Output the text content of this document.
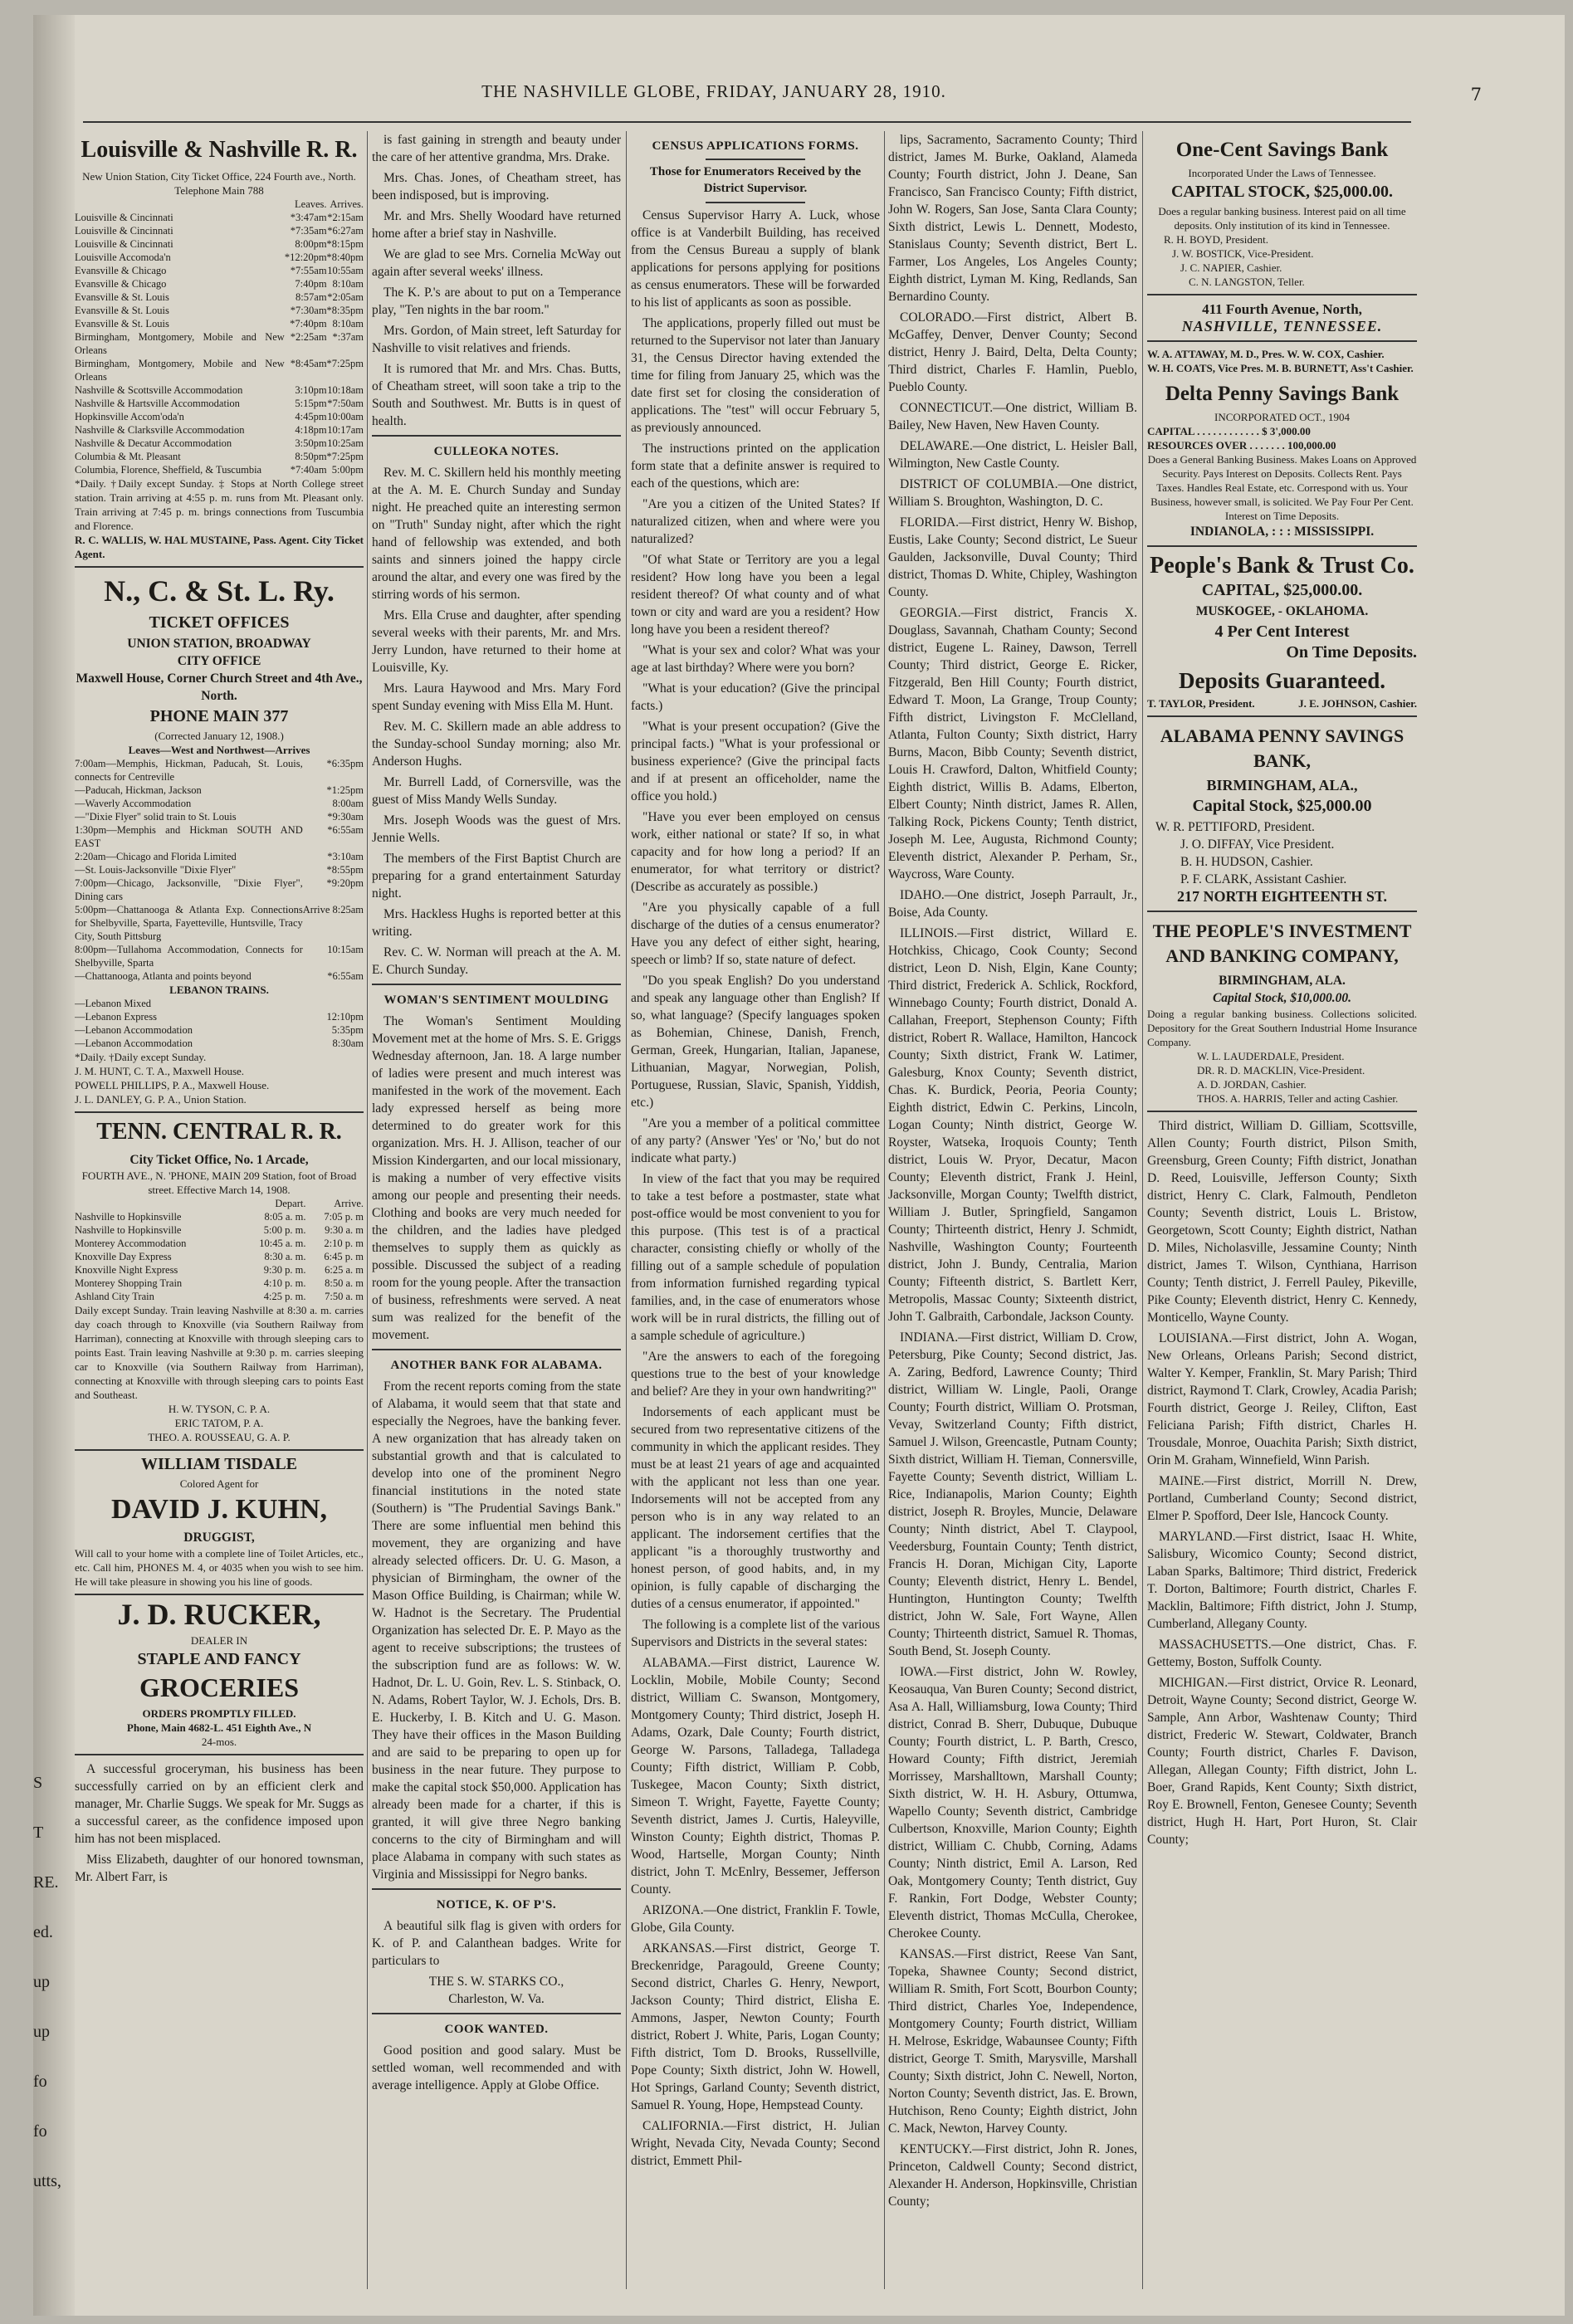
S
T
RE.
ed.
up
up
fo
fo
utts,
THE NASHVILLE GLOBE, FRIDAY, JANUARY 28, 1910.	7
Louisville & Nashville R. R.
New Union Station, City Ticket Office, 224 Fourth ave., North. Telephone Main 788
	Leaves.	Arrives.
Louisville & Cincinnati	*3:47am	*2:15am
Louisville & Cincinnati	*7:35am	*6:27am
Louisville & Cincinnati	8:00pm	*8:15pm
Louisville Accomoda'n	*12:20pm	*8:40pm
Evansville & Chicago	*7:55am	10:55am
Evansville & Chicago	7:40pm	8:10am
Evansville & St. Louis	8:57am	*2:05am
Evansville & St. Louis	*7:30am	*8:35pm
Evansville & St. Louis	*7:40pm	8:10am
Birmingham, Montgomery, Mobile and New Orleans	*2:25am	*:37am
Birmingham, Montgomery, Mobile and New Orleans	*8:45am	*7:25pm
Nashville & Scottsville Accommodation	3:10pm	10:18am
Nashville & Hartsville Accommodation	5:15pm	*7:50am
Hopkinsville Accom'oda'n	4:45pm	10:00am
Nashville & Clarksville Accommodation	4:18pm	10:17am
Nashville & Decatur Accommodation	3:50pm	10:25am
Columbia & Mt. Pleasant	8:50pm	*7:25pm
Columbia, Florence, Sheffield, & Tuscumbia	*7:40am	5:00pm
*Daily. †Daily except Sunday. ‡ Stops at North College street station. Train arriving at 4:55 p. m. runs from Mt. Pleasant only. Train arriving at 7:45 p. m. brings connections from Tuscumbia and Florence.
R. C. WALLIS, W. HAL MUSTAINE, Pass. Agent. City Ticket Agent.
N., C. & St. L. Ry.
TICKET OFFICES
UNION STATION, BROADWAY
CITY OFFICE
Maxwell House, Corner Church Street and 4th Ave., North.
PHONE MAIN 377
(Corrected January 12, 1908.)
Leaves—West and Northwest—Arrives
7:00am—Memphis, Hickman, Paducah, St. Louis, connects for Centreville	*6:35pm
—Paducah, Hickman, Jackson	*1:25pm
—Waverly Accommodation	8:00am
—"Dixie Flyer" solid train to St. Louis	*9:30am
1:30pm—Memphis and Hickman SOUTH AND EAST	*6:55am
2:20am—Chicago and Florida Limited	*3:10am
—St. Louis-Jacksonville "Dixie Flyer"	*8:55pm
7:00pm—Chicago, Jacksonville, "Dixie Flyer", Dining cars	*9:20pm
5:00pm—Chattanooga & Atlanta Exp. Connections for Shelbyville, Sparta, Fayetteville, Huntsville, Tracy City, South Pittsburg	Arrive 8:25am
8:00pm—Tullahoma Accommodation, Connects for Shelbyville, Sparta	10:15am
—Chattanooga, Atlanta and points beyond	*6:55am
LEBANON TRAINS.
—Lebanon Mixed	
—Lebanon Express	12:10pm
—Lebanon Accommodation	5:35pm
—Lebanon Accommodation	8:30am
*Daily. †Daily except Sunday.
J. M. HUNT, C. T. A., Maxwell House.
POWELL PHILLIPS, P. A., Maxwell House.
J. L. DANLEY, G. P. A., Union Station.
TENN. CENTRAL R. R.
City Ticket Office, No. 1 Arcade,
FOURTH AVE., N. 'PHONE, MAIN 209 Station, foot of Broad street. Effective March 14, 1908.
	Depart.	Arrive.
Nashville to Hopkinsville	8:05 a. m.	7:05 p. m
Nashville to Hopkinsville	5:00 p. m.	9:30 a. m
Monterey Accommodation	10:45 a. m.	2:10 p. m
Knoxville Day Express	8:30 a. m.	6:45 p. m
Knoxville Night Express	9:30 p. m.	6:25 a. m
Monterey Shopping Train	4:10 p. m.	8:50 a. m
Ashland City Train	4:25 p. m.	7:50 a. m
Daily except Sunday. Train leaving Nashville at 8:30 a. m. carries day coach through to Knoxville (via Southern Railway from Harriman), connecting at Knoxville with through sleeping cars to points East. Train leaving Nashville at 9:30 p. m. carries sleeping car to Knoxville (via Southern Railway from Harriman), connecting at Knoxville with through sleeping cars to points East and Southeast.
H. W. TYSON, C. P. A.
ERIC TATOM, P. A.
THEO. A. ROUSSEAU, G. A. P.
WILLIAM TISDALE
Colored Agent for
DAVID J. KUHN,
DRUGGIST,
Will call to your home with a complete line of Toilet Articles, etc., etc. Call him, PHONES M. 4, or 4035 when you wish to see him. He will take pleasure in showing you his line of goods.
J. D. RUCKER,
DEALER IN
STAPLE AND FANCY
GROCERIES
ORDERS PROMPTLY FILLED.
Phone, Main 4682-L. 451 Eighth Ave., N
24-mos.

A successful groceryman, his business has been successfully carried on by an efficient clerk and manager, Mr. Charlie Suggs. We speak for Mr. Suggs as a successful career, as the confidence imposed upon him has not been misplaced.

Miss Elizabeth, daughter of our honored townsman, Mr. Albert Farr, is

is fast gaining in strength and beauty under the care of her attentive grandma, Mrs. Drake.

Mrs. Chas. Jones, of Cheatham street, has been indisposed, but is improving.

Mr. and Mrs. Shelly Woodard have returned home after a brief stay in Nashville.

We are glad to see Mrs. Cornelia McWay out again after several weeks' illness.

The K. P.'s are about to put on a Temperance play, "Ten nights in the bar room."

Mrs. Gordon, of Main street, left Saturday for Nashville to visit relatives and friends.

It is rumored that Mr. and Mrs. Chas. Butts, of Cheatham street, will soon take a trip to the South and Southwest. Mr. Butts is in quest of health.

CULLEOKA NOTES.

Rev. M. C. Skillern held his monthly meeting at the A. M. E. Church Sunday and Sunday night. He preached quite an interesting sermon on "Truth" Sunday night, after which the right hand of fellowship was extended, and both saints and sinners joined the happy circle around the altar, and every one was fired by the stirring words of his sermon.

Mrs. Ella Cruse and daughter, after spending several weeks with their parents, Mr. and Mrs. Jerry Lundon, have returned to their home at Louisville, Ky.

Mrs. Laura Haywood and Mrs. Mary Ford spent Sunday evening with Miss Ella M. Hunt.

Rev. M. C. Skillern made an able address to the Sunday-school Sunday morning; also Mr. Anderson Hughs.

Mr. Burrell Ladd, of Cornersville, was the guest of Miss Mandy Wells Sunday.

Mrs. Joseph Woods was the guest of Mrs. Jennie Wells.

The members of the First Baptist Church are preparing for a grand entertainment Saturday night.

Mrs. Hackless Hughs is reported better at this writing.

Rev. C. W. Norman will preach at the A. M. E. Church Sunday.

WOMAN'S SENTIMENT MOULDING

The Woman's Sentiment Moulding Movement met at the home of Mrs. S. E. Griggs Wednesday afternoon, Jan. 18. A large number of ladies were present and much interest was manifested in the work of the movement. Each lady expressed herself as being more determined to do greater work for this organization. Mrs. H. J. Allison, teacher of our Mission Kindergarten, and our local missionary, is making a number of very effective visits among our people and presenting their needs. Clothing and books are very much needed for the children, and the ladies have pledged themselves to supply them as quickly as possible. Discussed the subject of a reading room for the young people. After the transaction of business, refreshments were served. A neat sum was realized for the benefit of the movement.

ANOTHER BANK FOR ALABAMA.

From the recent reports coming from the state of Alabama, it would seem that that state and especially the Negroes, have the banking fever. A new organization that has already taken on substantial growth and that is calculated to develop into one of the prominent Negro financial institutions in the noted state (Southern) is "The Prudential Savings Bank." There are some influential men behind this movement, they are organizing and have already selected officers. Dr. U. G. Mason, a physician of Birmingham, the owner of the Mason Office Building, is Chairman; while W. W. Hadnot is the Secretary. The Prudential Organization has selected Dr. E. P. Mayo as the agent to receive subscriptions; the trustees of the subscription fund are as follows: W. W. Hadnot, Dr. L. U. Goin, Rev. L. S. Stinback, O. N. Adams, Robert Taylor, W. J. Echols, Drs. B. E. Huckerby, I. B. Kitch and U. G. Mason. They have their offices in the Mason Building and are said to be preparing to open up for business in the near future. They purpose to make the capital stock $50,000. Application has already been made for a charter, if this is granted, it will give three Negro banking concerns to the city of Birmingham and will place Alabama in company with such states as Virginia and Mississippi for Negro banks.

NOTICE, K. OF P'S.

A beautiful silk flag is given with orders for K. of P. and Calanthean badges. Write for particulars to

THE S. W. STARKS CO.,
Charleston, W. Va.
COOK WANTED.

Good position and good salary. Must be settled woman, well recommended and with average intelligence. Apply at Globe Office.

CENSUS APPLICATIONS FORMS.
Those for Enumerators Received by the District Supervisor.

Census Supervisor Harry A. Luck, whose office is at Vanderbilt Building, has received from the Census Bureau a supply of blank applications for persons applying for positions as census enumerators. These will be forwarded to his list of applicants as soon as possible.

The applications, properly filled out must be returned to the Supervisor not later than January 31, the Census Director having extended the time for filing from January 25, which was the date first set for closing the consideration of applications. The "test" will occur February 5, as previously announced.

The instructions printed on the application form state that a definite answer is required to each of the questions, which are:

"Are you a citizen of the United States? If naturalized citizen, when and where were you naturalized?

"Of what State or Territory are you a legal resident? How long have you been a legal resident thereof? Of what county and of what town or city and ward are you a resident? How long have you been a resident thereof?

"What is your sex and color? What was your age at last birthday? Where were you born?

"What is your education? (Give the principal facts.)

"What is your present occupation? (Give the principal facts.) "What is your professional or business experience? (Give the principal facts and if at present an officeholder, name the office you hold.)

"Have you ever been employed on census work, either national or state? If so, in what capacity and for how long a period? If an enumerator, for what territory or district? (Describe as accurately as possible.)

"Are you physically capable of a full discharge of the duties of a census enumerator? Have you any defect of either sight, hearing, speech or limb? If so, state nature of defect.

"Do you speak English? Do you understand and speak any language other than English? If so, what language? (Specify languages spoken as Bohemian, Chinese, Danish, French, German, Greek, Hungarian, Italian, Japanese, Lithuanian, Magyar, Norwegian, Polish, Portuguese, Russian, Slavic, Spanish, Yiddish, etc.)

"Are you a member of a political committee of any party? (Answer 'Yes' or 'No,' but do not indicate what party.)

In view of the fact that you may be required to take a test before a postmaster, state what post-office would be most convenient to you for this purpose. (This test is of a practical character, consisting chiefly or wholly of the filling out of a sample schedule of population from information furnished regarding typical families, and, in the case of enumerators whose work will be in rural districts, the filling out of a sample schedule of agriculture.)

"Are the answers to each of the foregoing questions true to the best of your knowledge and belief? Are they in your own handwriting?"

Indorsements of each applicant must be secured from two representative citizens of the community in which the applicant resides. They must be at least 21 years of age and acquainted with the applicant not less than one year. Indorsements will not be accepted from any person who is in any way related to an applicant. The indorsement certifies that the applicant "is a thoroughly trustworthy and honest person, of good habits, and, in my opinion, is fully capable of discharging the duties of a census enumerator, if appointed."

The following is a complete list of the various Supervisors and Districts in the several states:

ALABAMA.—First district, Laurence W. Locklin, Mobile, Mobile County; Second district, William C. Swanson, Montgomery, Montgomery County; Third district, Joseph H. Adams, Ozark, Dale County; Fourth district, George W. Parsons, Talladega, Talladega County; Fifth district, William P. Cobb, Tuskegee, Macon County; Sixth district, Simeon T. Wright, Fayette, Fayette County; Seventh district, James J. Curtis, Haleyville, Winston County; Eighth district, Thomas P. Wood, Hartselle, Morgan County; Ninth district, John T. McEnlry, Bessemer, Jefferson County.

ARIZONA.—One district, Franklin F. Towle, Globe, Gila County.

ARKANSAS.—First district, George T. Breckenridge, Paragould, Greene County; Second district, Charles G. Henry, Newport, Jackson County; Third district, Elisha E. Ammons, Jasper, Newton County; Fourth district, Robert J. White, Paris, Logan County; Fifth district, Tom D. Brooks, Russellville, Pope County; Sixth district, John W. Howell, Hot Springs, Garland County; Seventh district, Samuel R. Young, Hope, Hempstead County.

CALIFORNIA.—First district, H. Julian Wright, Nevada City, Nevada County; Second district, Emmett Phil-

lips, Sacramento, Sacramento County; Third district, James M. Burke, Oakland, Alameda County; Fourth district, John J. Deane, San Francisco, San Francisco County; Fifth district, John W. Rogers, San Jose, Santa Clara County; Sixth district, Lewis L. Dennett, Modesto, Stanislaus County; Seventh district, Bert L. Farmer, Los Angeles, Los Angeles County; Eighth district, Lyman M. King, Redlands, San Bernardino County.

COLORADO.—First district, Albert B. McGaffey, Denver, Denver County; Second district, Henry J. Baird, Delta, Delta County; Third district, Charles F. Hamlin, Pueblo, Pueblo County.

CONNECTICUT.—One district, William B. Bailey, New Haven, New Haven County.

DELAWARE.—One district, L. Heisler Ball, Wilmington, New Castle County.

DISTRICT OF COLUMBIA.—One district, William S. Broughton, Washington, D. C.

FLORIDA.—First district, Henry W. Bishop, Eustis, Lake County; Second district, Le Sueur Gaulden, Jacksonville, Duval County; Third district, Thomas D. White, Chipley, Washington County.

GEORGIA.—First district, Francis X. Douglass, Savannah, Chatham County; Second district, Eugene L. Rainey, Dawson, Terrell County; Third district, George E. Ricker, Fitzgerald, Ben Hill County; Fourth district, Edward T. Moon, La Grange, Troup County; Fifth district, Livingston F. McClelland, Atlanta, Fulton County; Sixth district, Harry Burns, Macon, Bibb County; Seventh district, Louis H. Crawford, Dalton, Whitfield County; Eighth district, Willis B. Adams, Elberton, Elbert County; Ninth district, James R. Allen, Talking Rock, Pickens County; Tenth district, Joseph M. Lee, Augusta, Richmond County; Eleventh district, Alexander P. Perham, Sr., Waycross, Ware County.

IDAHO.—One district, Joseph Parrault, Jr., Boise, Ada County.

ILLINOIS.—First district, Willard E. Hotchkiss, Chicago, Cook County; Second district, Leon D. Nish, Elgin, Kane County; Third district, Frederick A. Schlick, Rockford, Winnebago County; Fourth district, Donald A. Callahan, Freeport, Stephenson County; Fifth district, Robert R. Wallace, Hamilton, Hancock County; Sixth district, Frank W. Latimer, Galesburg, Knox County; Seventh district, Chas. K. Burdick, Peoria, Peoria County; Eighth district, Edwin C. Perkins, Lincoln, Logan County; Ninth district, George W. Royster, Watseka, Iroquois County; Tenth district, Louis W. Pryor, Decatur, Macon County; Eleventh district, Frank J. Heinl, Jacksonville, Morgan County; Twelfth district, William J. Butler, Springfield, Sangamon County; Thirteenth district, Henry J. Schmidt, Nashville, Washington County; Fourteenth district, John J. Bundy, Centralia, Marion County; Fifteenth district, S. Bartlett Kerr, Metropolis, Massac County; Sixteenth district, John T. Galbraith, Carbondale, Jackson County.

INDIANA.—First district, William D. Crow, Petersburg, Pike County; Second district, Jas. A. Zaring, Bedford, Lawrence County; Third district, William W. Lingle, Paoli, Orange County; Fourth district, William O. Protsman, Vevay, Switzerland County; Fifth district, Samuel J. Wilson, Greencastle, Putnam County; Sixth district, William H. Tieman, Connersville, Fayette County; Seventh district, William L. Rice, Indianapolis, Marion County; Eighth district, Joseph R. Broyles, Muncie, Delaware County; Ninth district, Abel T. Claypool, Veedersburg, Fountain County; Tenth district, Francis H. Doran, Michigan City, Laporte County; Eleventh district, Henry L. Bendel, Huntington, Huntington County; Twelfth district, John W. Sale, Fort Wayne, Allen County; Thirteenth district, Samuel R. Thomas, South Bend, St. Joseph County.

IOWA.—First district, John W. Rowley, Keosauqua, Van Buren County; Second district, Asa A. Hall, Williamsburg, Iowa County; Third district, Conrad B. Sherr, Dubuque, Dubuque County; Fourth district, L. P. Barth, Cresco, Howard County; Fifth district, Jeremiah Morrissey, Marshalltown, Marshall County; Sixth district, W. H. H. Asbury, Ottumwa, Wapello County; Seventh district, Cambridge Culbertson, Knoxville, Marion County; Eighth district, William C. Chubb, Corning, Adams County; Ninth district, Emil A. Larson, Red Oak, Montgomery County; Tenth district, Guy F. Rankin, Fort Dodge, Webster County; Eleventh district, Thomas McCulla, Cherokee, Cherokee County.

KANSAS.—First district, Reese Van Sant, Topeka, Shawnee County; Second district, William R. Smith, Fort Scott, Bourbon County; Third district, Charles Yoe, Independence, Montgomery County; Fourth district, William H. Melrose, Eskridge, Wabaunsee County; Fifth district, George T. Smith, Marysville, Marshall County; Sixth district, John C. Newell, Norton, Norton County; Seventh district, Jas. E. Brown, Hutchison, Reno County; Eighth district, John C. Mack, Newton, Harvey County.

KENTUCKY.—First district, John R. Jones, Princeton, Caldwell County; Second district, Alexander H. Anderson, Hopkinsville, Christian County;

One-Cent Savings Bank
Incorporated Under the Laws of Tennessee.
CAPITAL STOCK, $25,000.00.
Does a regular banking business. Interest paid on all time deposits. Only institution of its kind in Tennessee.
R. H. BOYD, President.
J. W. BOSTICK, Vice-President.
J. C. NAPIER, Cashier.
C. N. LANGSTON, Teller.
411 Fourth Avenue, North,
NASHVILLE, TENNESSEE.
W. A. ATTAWAY, M. D., Pres. W. W. COX, Cashier.
W. H. COATS, Vice Pres. M. B. BURNETT, Ass't Cashier.
Delta Penny Savings Bank
INCORPORATED OCT., 1904
CAPITAL . . . . . . . . . . . . $ 3',000.00
RESOURCES OVER . . . . . . . 100,000.00
Does a General Banking Business. Makes Loans on Approved Security. Pays Interest on Deposits. Collects Rent. Pays Taxes. Handles Real Estate, etc. Correspond with us. Your Business, however small, is solicited. We Pay Four Per Cent. Interest on Time Deposits.
INDIANOLA, : : : MISSISSIPPI.
People's Bank & Trust Co.
CAPITAL, $25,000.00.
MUSKOGEE, - OKLAHOMA.
4 Per Cent Interest
On Time Deposits.
Deposits Guaranteed.
T. TAYLOR, President.	J. E. JOHNSON, Cashier.
ALABAMA PENNY SAVINGS BANK,
BIRMINGHAM, ALA.,
Capital Stock, $25,000.00
W. R. PETTIFORD, President.
J. O. DIFFAY, Vice President.
B. H. HUDSON, Cashier.
P. F. CLARK, Assistant Cashier.
217 NORTH EIGHTEENTH ST.
THE PEOPLE'S INVESTMENT AND BANKING COMPANY,
BIRMINGHAM, ALA.
Capital Stock, $10,000.00.
Doing a regular banking business. Collections solicited. Depository for the Great Southern Industrial Home Insurance Company.
W. L. LAUDERDALE, President.
DR. R. D. MACKLIN, Vice-President.
A. D. JORDAN, Cashier.
THOS. A. HARRIS, Teller and acting Cashier.

Third district, William D. Gilliam, Scottsville, Allen County; Fourth district, Pilson Smith, Greensburg, Green County; Fifth district, Jonathan D. Reed, Louisville, Jefferson County; Sixth district, Henry C. Clark, Falmouth, Pendleton County; Seventh district, Louis L. Bristow, Georgetown, Scott County; Eighth district, Nathan D. Miles, Nicholasville, Jessamine County; Ninth district, James T. Wilson, Cynthiana, Harrison County; Tenth district, J. Ferrell Pauley, Pikeville, Pike County; Eleventh district, Henry C. Kennedy, Monticello, Wayne County.

LOUISIANA.—First district, John A. Wogan, New Orleans, Orleans Parish; Second district, Walter Y. Kemper, Franklin, St. Mary Parish; Third district, Raymond T. Clark, Crowley, Acadia Parish; Fourth district, George J. Reiley, Clifton, East Feliciana Parish; Fifth district, Charles H. Trousdale, Monroe, Ouachita Parish; Sixth district, Orin M. Graham, Winnefield, Winn Parish.

MAINE.—First district, Morrill N. Drew, Portland, Cumberland County; Second district, Elmer P. Spofford, Deer Isle, Hancock County.

MARYLAND.—First district, Isaac H. White, Salisbury, Wicomico County; Second district, Laban Sparks, Baltimore; Third district, Frederick T. Dorton, Baltimore; Fourth district, Charles F. Macklin, Baltimore; Fifth district, John J. Stump, Cumberland, Allegany County.

MASSACHUSETTS.—One district, Chas. F. Gettemy, Boston, Suffolk County.

MICHIGAN.—First district, Orvice R. Leonard, Detroit, Wayne County; Second district, George W. Sample, Ann Arbor, Washtenaw County; Third district, Frederic W. Stewart, Coldwater, Branch County; Fourth district, Charles F. Davison, Allegan, Allegan County; Fifth district, John L. Boer, Grand Rapids, Kent County; Sixth district, Roy E. Brownell, Fenton, Genesee County; Seventh district, Hugh H. Hart, Port Huron, St. Clair County;
